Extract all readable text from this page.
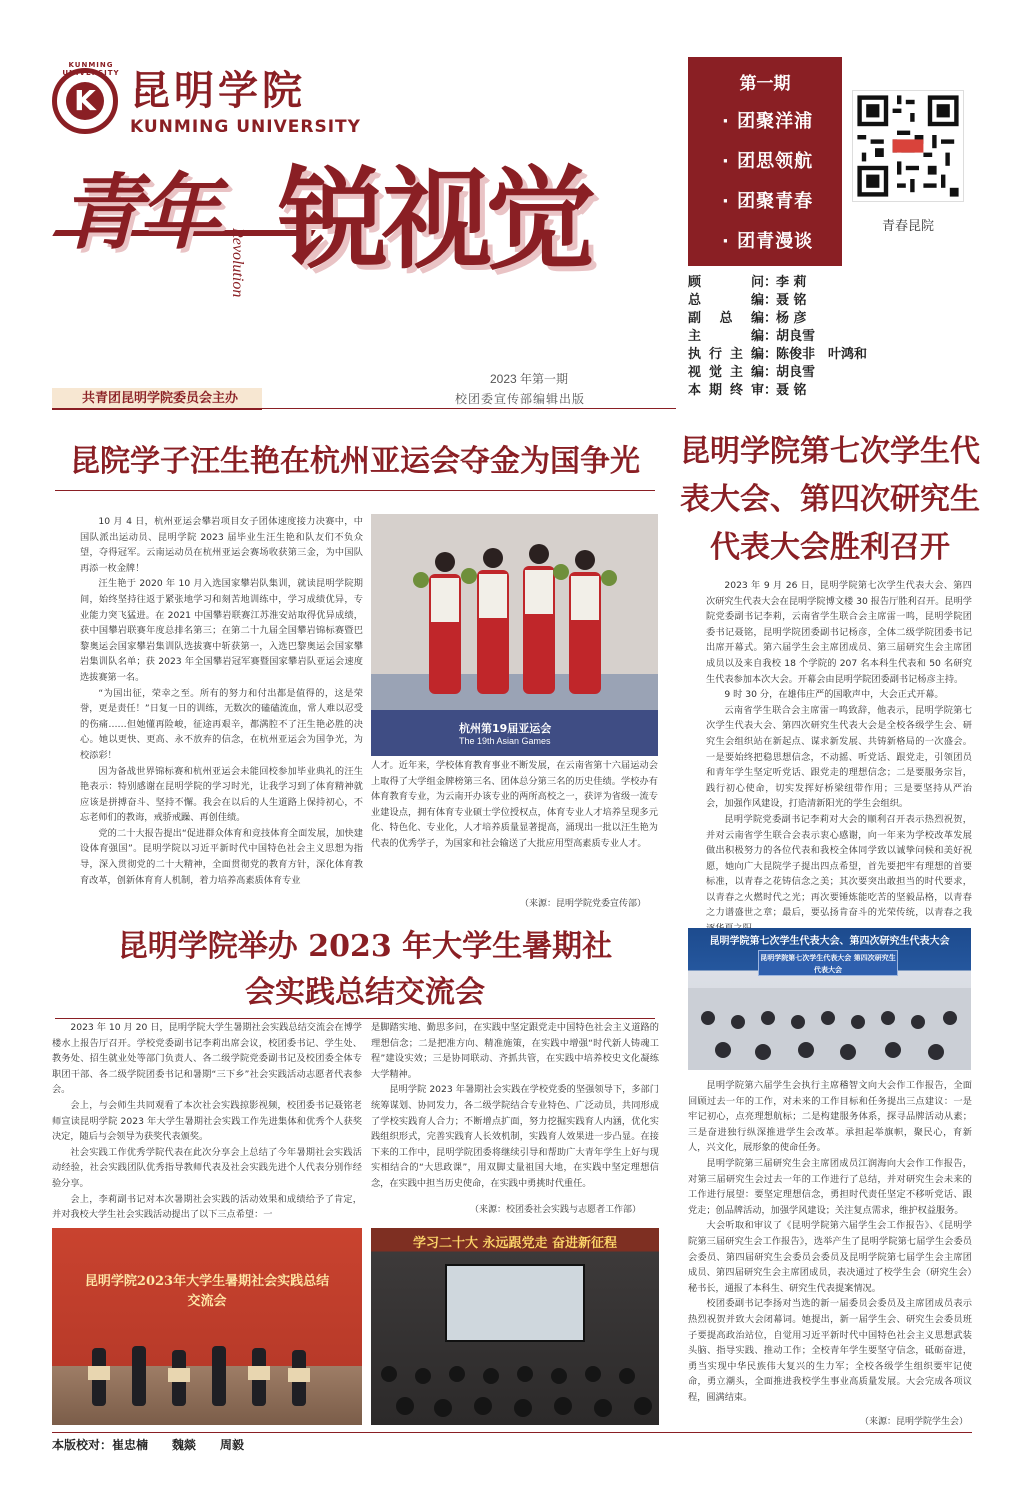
KUNMING UNIVERSITY
K 昆明学院
KUNMING UNIVERSITY
青年 锐视觉
Revolution
共青团昆明学院委员会主办
2023 年第一期
校团委宣传部编辑出版
第一期
· 团聚洋浦
· 团思领航
· 团聚青春
· 团青漫谈
青春昆院
顾问 ：
李 莉
总编 ：
聂 铭
副总编 ：
杨 彦
主编 ：
胡良雪
执行主编 ：
陈俊非　叶鸿和
视觉主编 ：
胡良雪
本期终审 ：
聂 铭
昆院学子汪生艳在杭州亚运会夺金为国争光

10 月 4 日，杭州亚运会攀岩项目女子团体速度接力决赛中，中国队派出运动员、昆明学院 2023 届毕业生汪生艳和队友们不负众望，夺得冠军。云南运动员在杭州亚运会赛场收获第三金，为中国队再添一枚金牌！

汪生艳于 2020 年 10 月入选国家攀岩队集训，就读昆明学院期间，始终坚持往返于紧张地学习和刻苦地训练中，学习成绩优异，专业能力突飞猛进。在 2021 中国攀岩联赛江苏淮安站取得优异成绩，获中国攀岩联赛年度总排名第三；在第二十九届全国攀岩锦标赛暨巴黎奥运会国家攀岩集训队选拔赛中斩获第一，入选巴黎奥运会国家攀岩集训队名单；获 2023 年全国攀岩冠军赛暨国家攀岩队亚运会速度选拔赛第一名。

“为国出征，荣幸之至。所有的努力和付出都是值得的，这是荣誉，更是责任！”日复一日的训练，无数次的磕磕流血，常人难以忍受的伤痛……但她懂再险峻，征途再艰辛，都满腔不了汪生艳必胜的决心。她以更快、更高、永不放弃的信念，在杭州亚运会为国争光，为校添彩！

因为备战世界锦标赛和杭州亚运会未能回校参加毕业典礼的汪生艳表示：特别感谢在昆明学院的学习时光，让我学习到了体育精神就应该是拼搏奋斗、坚持不懈。我会在以后的人生道路上保持初心，不忘老师们的教诲，戒骄戒躁、再创佳绩。

党的二十大报告提出“促进群众体育和竞技体育全面发展，加快建设体育强国”。昆明学院以习近平新时代中国特色社会主义思想为指导，深入贯彻党的二十大精神，全面贯彻党的教育方针，深化体育教育改革，创新体育育人机制，着力培养高素质体育专业

杭州第19届亚运会
The 19th Asian Games

人才。近年来，学校体育教育事业不断发展，在云南省第十六届运动会上取得了大学组金牌榜第三名、团体总分第三名的历史佳绩。学校办有体育教育专业，为云南开办该专业的两所高校之一，获评为省级一流专业建设点，拥有体育专业硕士学位授权点，体育专业人才培养呈现多元化、特色化、专业化，人才培养质量显著提高，涌现出一批以汪生艳为代表的优秀学子，为国家和社会输送了大批应用型高素质专业人才。

（来源：昆明学院党委宣传部）
昆明学院第七次学生代表大会、第四次研究生代表大会胜利召开

2023 年 9 月 26 日，昆明学院第七次学生代表大会、第四次研究生代表大会在昆明学院博文楼 30 报告厅胜利召开。昆明学院党委副书记李莉，云南省学生联合会主席雷一鸣，昆明学院团委书记聂铭，昆明学院团委副书记杨彦，全体二级学院团委书记出席开幕式。第六届学生会主席团成员、第三届研究生会主席团成员以及来自我校 18 个学院的 207 名本科生代表和 50 名研究生代表参加本次大会。开幕会由昆明学院团委副书记杨彦主持。

9 时 30 分，在雄伟庄严的国歌声中，大会正式开幕。

云南省学生联合会主席雷一鸣致辞，他表示，昆明学院第七次学生代表大会、第四次研究生代表大会是全校各级学生会、研究生会组织站在新起点、谋求新发展、共铸新格局的一次盛会。一是要始终把稳思想信念，不动摇、听党话、跟党走，引领团员和青年学生坚定听党话、跟党走的理想信念；二是要服务宗旨，践行初心使命，切实发挥好桥梁纽带作用；三是要坚持从严治会，加强作风建设，打造清新阳光的学生会组织。

昆明学院党委副书记李莉对大会的顺利召开表示热烈祝贺，并对云南省学生联合会表示衷心感谢，向一年来为学校改革发展做出积极努力的各位代表和我校全体同学致以诚挚问候和美好祝愿，她向广大昆院学子提出四点希望，首先要把牢有理想的首要标准，以青春之花铸信念之美；其次要突出敢担当的时代要求，以青春之火燃时代之光；再次要锤炼能吃苦的坚毅品格，以青春之力谱盛世之章；最后，要弘扬肯奋斗的光荣传统，以青春之我

昆明学院第七次学生代表大会、第四次研究生代表大会
昆明学院第七次学生代表大会 第四次研究生代表大会

昆明学院第六届学生会执行主席稽智文向大会作工作报告，全面回顾过去一年的工作，对未来的工作目标和任务提出三点建议：一是牢记初心，点亮理想航标；二是构建服务体系，探寻品牌活动从素；三是奋进独行纵深推进学生会改革。承担起举旗帜，聚民心，育新人，兴文化，展形象的使命任务。

昆明学院第三届研究生会主席团成员江润海向大会作工作报告，对第三届研究生会过去一年的工作进行了总结，并对研究生会未来的工作进行展望：要坚定理想信念，勇担时代责任坚定不移听党话、跟党走；创品牌活动，加强学风建设；关注复点需求，维护权益服务。

大会听取和审议了《昆明学院第六届学生会工作报告》、《昆明学院第三届研究生会工作报告》，选举产生了昆明学院第七届学生会委员会委员、第四届研究生会委员会委员及昆明学院第七届学生会主席团成员、第四届研究生会主席团成员，表决通过了校学生会（研究生会）秘书长，通报了本科生、研究生代表提案情况。

校团委副书记李扬对当选的新一届委员会委员及主席团成员表示热烈祝贺并致大会闭幕词。她提出，新一届学生会、研究生会委员班子要提高政治站位，自觉用习近平新时代中国特色社会主义思想武装头脑、指导实践、推动工作；全校青年学生要坚守信念，砥砺奋进，勇当实现中华民族伟大复兴的生力军；全校各级学生组织要牢记使命，勇立潮头，全面推进我校学生事业高质量发展。大会完成各项议程，圆满结束。

（来源：昆明学院学生会）
昆明学院举办 2023 年大学生暑期社会实践总结交流会

2023 年 10 月 20 日，昆明学院大学生暑期社会实践总结交流会在博学楼水上报告厅召开。学校党委副书记李莉出席会议，校团委书记、学生处、教务处、招生就业处等部门负责人、各二级学院党委副书记及校团委全体专职团干部、各二级学院团委书记和暑期“三下乡”社会实践活动志愿者代表参会。

会上，与会师生共同观看了本次社会实践掠影视频，校团委书记聂铭老师宣读昆明学院 2023 年大学生暑期社会实践工作先进集体和优秀个人获奖决定，随后与会领导为获奖代表颁奖。

社会实践工作优秀学院代表在此次分享会上总结了今年暑期社会实践活动经验，社会实践团队优秀指导教师代表及社会实践先进个人代表分别作经验分享。

会上，李莉副书记对本次暑期社会实践的活动效果和成绩给予了肯定，并对我校大学生社会实践活动提出了以下三点希望：一

是脚踏实地、勤思多问，在实践中坚定跟党走中国特色社会主义道路的理想信念；二是把准方向、精准施策，在实践中增强“时代新人铸魂工程”建设实效；三是协同联动、齐抓共管，在实践中培养校史文化凝练大学精神。

昆明学院 2023 年暑期社会实践在学校党委的坚强领导下，多部门统筹谋划、协同发力，各二级学院结合专业特色、广泛动员，共同形成了学校实践育人合力；不断增点扩面，努力挖掘实践育人内涵，优化实践组织形式，完善实践育人长效机制，实践育人效果进一步凸显。在接下来的工作中，昆明学院团委将继续引导和帮助广大青年学生上好与现实相结合的“大思政课”，用双脚丈量祖国大地，在实践中坚定理想信念，在实践中担当历史使命，在实践中勇挑时代重任。

（来源：校团委社会实践与志愿者工作部）
昆明学院2023年大学生暑期社会实践总结交流会
学习二十大 永远跟党走 奋进新征程
本版校对：崔忠楠　　魏燚　　周毅
